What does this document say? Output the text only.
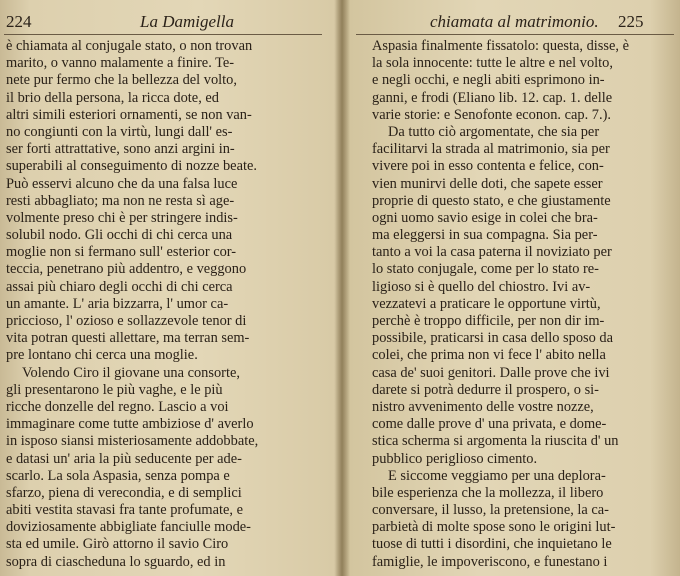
224	La Damigella
è chiamata al conjugale stato, o non trovan
marito, o vanno malamente a finire. Te-
nete pur fermo che la bellezza del volto,
il brio della persona, la ricca dote, ed
altri simili esteriori ornamenti, se non van-
no congiunti con la virtù, lungi dall' es-
ser forti attrattative, sono anzi argini in-
superabili al conseguimento di nozze beate.
Può esservi alcuno che da una falsa luce
resti abbagliato; ma non ne resta sì age-
volmente preso chi è per stringere indis-
solubil nodo. Gli occhi di chi cerca una
moglie non si fermano sull' esterior cor-
teccia, penetrano più addentro, e veggono
assai più chiaro degli occhi di chi cerca
un amante. L' aria bizzarra, l' umor ca-
priccioso, l' ozioso e sollazzevole tenor di
vita potran questi allettare, ma terran sem-
pre lontano chi cerca una moglie.
Volendo Ciro il giovane una consorte,
gli presentarono le più vaghe, e le più
ricche donzelle del regno. Lascio a voi
immaginare come tutte ambiziose d' averlo
in isposo siansi misteriosamente addobbate,
e datasi un' aria la più seducente per ade-
scarlo. La sola Aspasia, senza pompa e
sfarzo, piena di verecondia, e di semplici
abiti vestita stavasi fra tante profumate, e
doviziosamente abbigliate fanciulle mode-
sta ed umile. Girò attorno il savio Ciro
sopra di ciascheduna lo sguardo, ed in
chiamata al matrimonio. 225
Aspasia finalmente fissatolo: questa, disse, è
la sola innocente: tutte le altre e nel volto,
e negli occhi, e negli abiti esprimono in-
ganni, e frodi (Eliano lib. 12. cap. 1. delle
varie storie: e Senofonte econon. cap. 7.).
Da tutto ciò argomentate, che sia per
facilitarvi la strada al matrimonio, sia per
vivere poi in esso contenta e felice, con-
vien munirvi delle doti, che sapete esser
proprie di questo stato, e che giustamente
ogni uomo savio esige in colei che bra-
ma eleggersi in sua compagna. Sia per-
tanto a voi la casa paterna il noviziato per
lo stato conjugale, come per lo stato re-
ligioso si è quello del chiostro. Ivi av-
vezzatevi a praticare le opportune virtù,
perchè è troppo difficile, per non dir im-
possibile, praticarsi in casa dello sposo da
colei, che prima non vi fece l' abito nella
casa de' suoi genitori. Dalle prove che ivi
darete si potrà dedurre il prospero, o si-
nistro avvenimento delle vostre nozze,
come dalle prove d' una privata, e dome-
stica scherma si argomenta la riuscita d' un
pubblico periglioso cimento.
E siccome veggiamo per una deplora-
bile esperienza che la mollezza, il libero
conversare, il lusso, la pretensione, la ca-
parbietà di molte spose sono le origini lut-
tuose di tutti i disordini, che inquietano le
famiglie, le impoveriscono, e funestano i
